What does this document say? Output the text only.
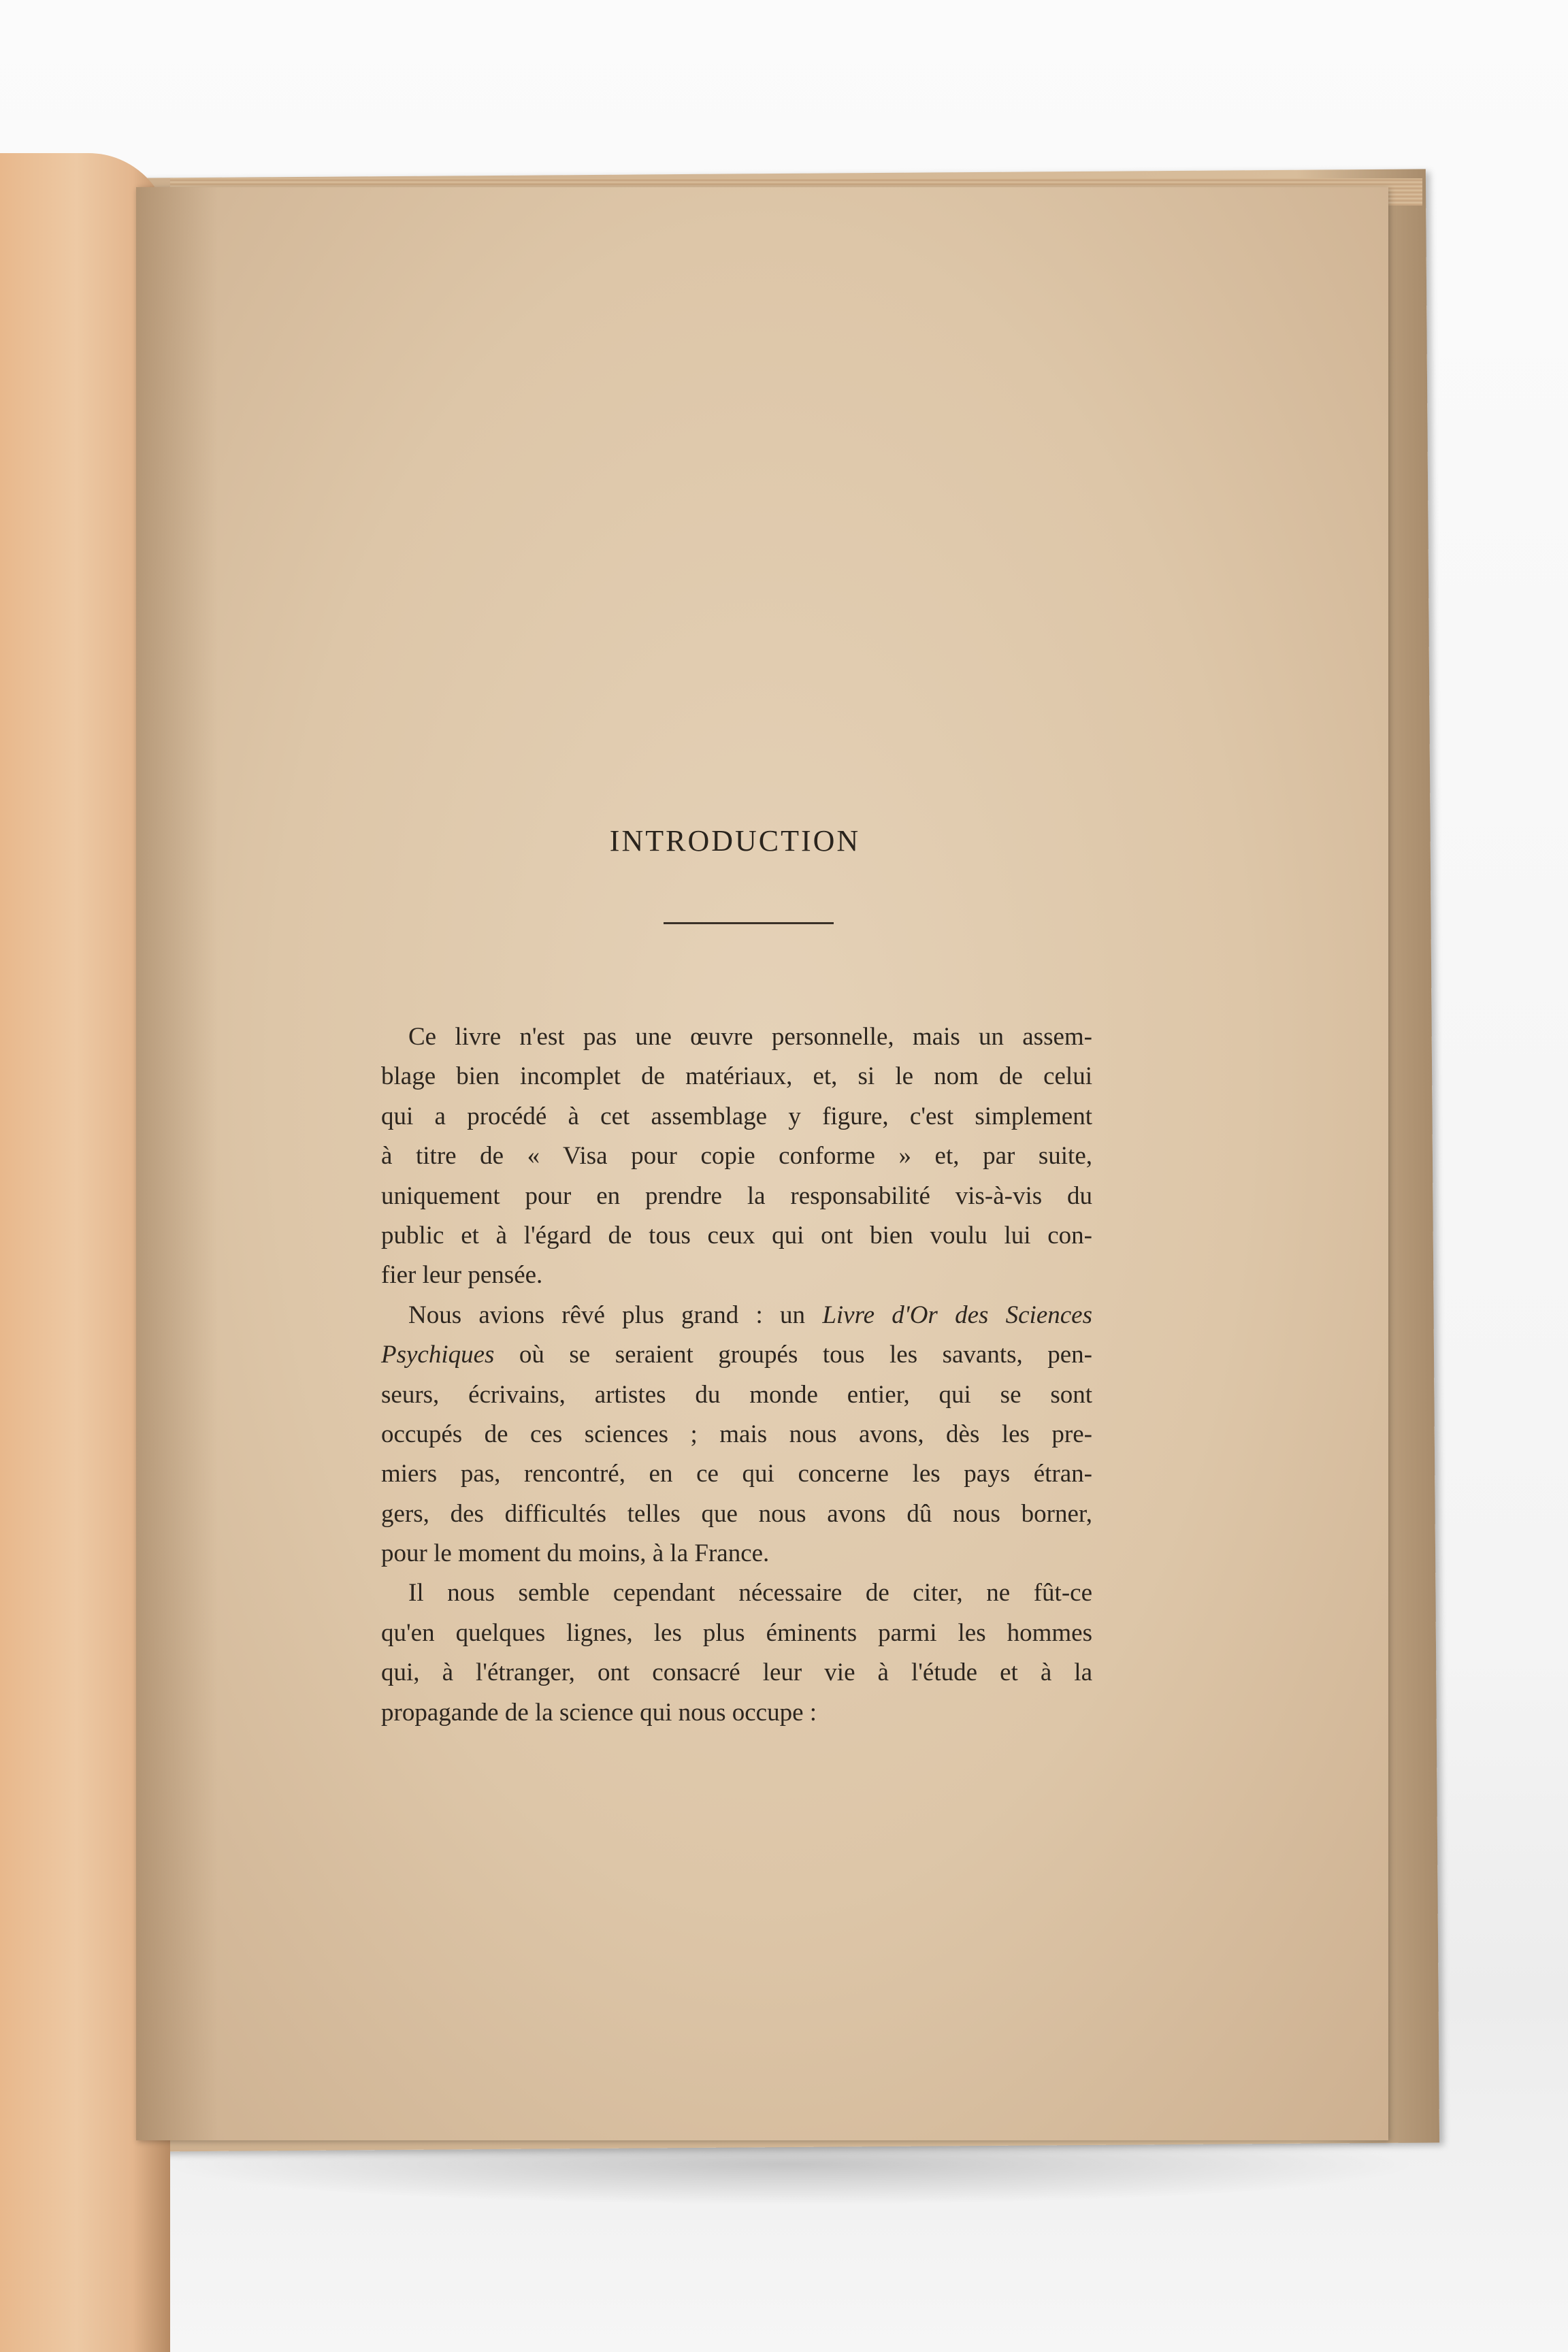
INTRODUCTION
Ce livre n'est pas une œuvre personnelle, mais un assem-
blage bien incomplet de matériaux, et, si le nom de celui
qui a procédé à cet assemblage y figure, c'est simplement
à titre de « Visa pour copie conforme » et, par suite,
uniquement pour en prendre la responsabilité vis-à-vis du
public et à l'égard de tous ceux qui ont bien voulu lui con-
fier leur pensée.
Nous avions rêvé plus grand : un Livre d'Or des Sciences
Psychiques où se seraient groupés tous les savants, pen-
seurs, écrivains, artistes du monde entier, qui se sont
occupés de ces sciences ; mais nous avons, dès les pre-
miers pas, rencontré, en ce qui concerne les pays étran-
gers, des difficultés telles que nous avons dû nous borner,
pour le moment du moins, à la France.
Il nous semble cependant nécessaire de citer, ne fût-ce
qu'en quelques lignes, les plus éminents parmi les hommes
qui, à l'étranger, ont consacré leur vie à l'étude et à la
propagande de la science qui nous occupe :
